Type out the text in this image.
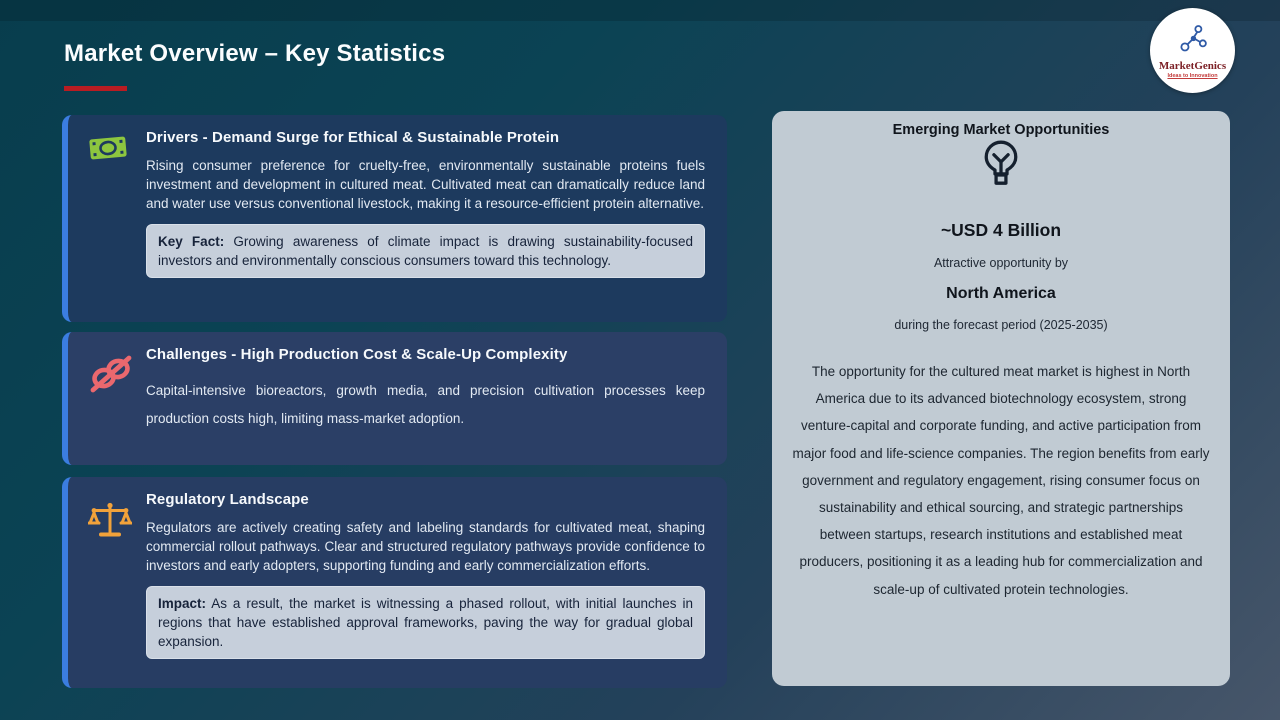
Market Overview – Key Statistics	MarketGenics
Ideas to Innovation
Drivers - Demand Surge for Ethical & Sustainable Protein

Rising consumer preference for cruelty-free, environmentally sustainable proteins fuels investment and development in cultured meat. Cultivated meat can dramatically reduce land and water use versus conventional livestock, making it a resource-efficient protein alternative.

Key Fact: Growing awareness of climate impact is drawing sustainability-focused investors and environmentally conscious consumers toward this technology.
Challenges - High Production Cost & Scale-Up Complexity

Capital-intensive bioreactors, growth media, and precision cultivation processes keep production costs high, limiting mass-market adoption.

Regulatory Landscape

Regulators are actively creating safety and labeling standards for cultivated meat, shaping commercial rollout pathways. Clear and structured regulatory pathways provide confidence to investors and early adopters, supporting funding and early commercialization efforts.

Impact: As a result, the market is witnessing a phased rollout, with initial launches in regions that have established approval frameworks, paving the way for gradual global expansion.
Emerging Market Opportunities
~USD 4 Billion
Attractive opportunity by
North America
during the forecast period (2025-2035)

The opportunity for the cultured meat market is highest in North America due to its advanced biotechnology ecosystem, strong venture-capital and corporate funding, and active participation from major food and life-science companies. The region benefits from early government and regulatory engagement, rising consumer focus on sustainability and ethical sourcing, and strategic partnerships between startups, research institutions and established meat producers, positioning it as a leading hub for commercialization and scale-up of cultivated protein technologies.
